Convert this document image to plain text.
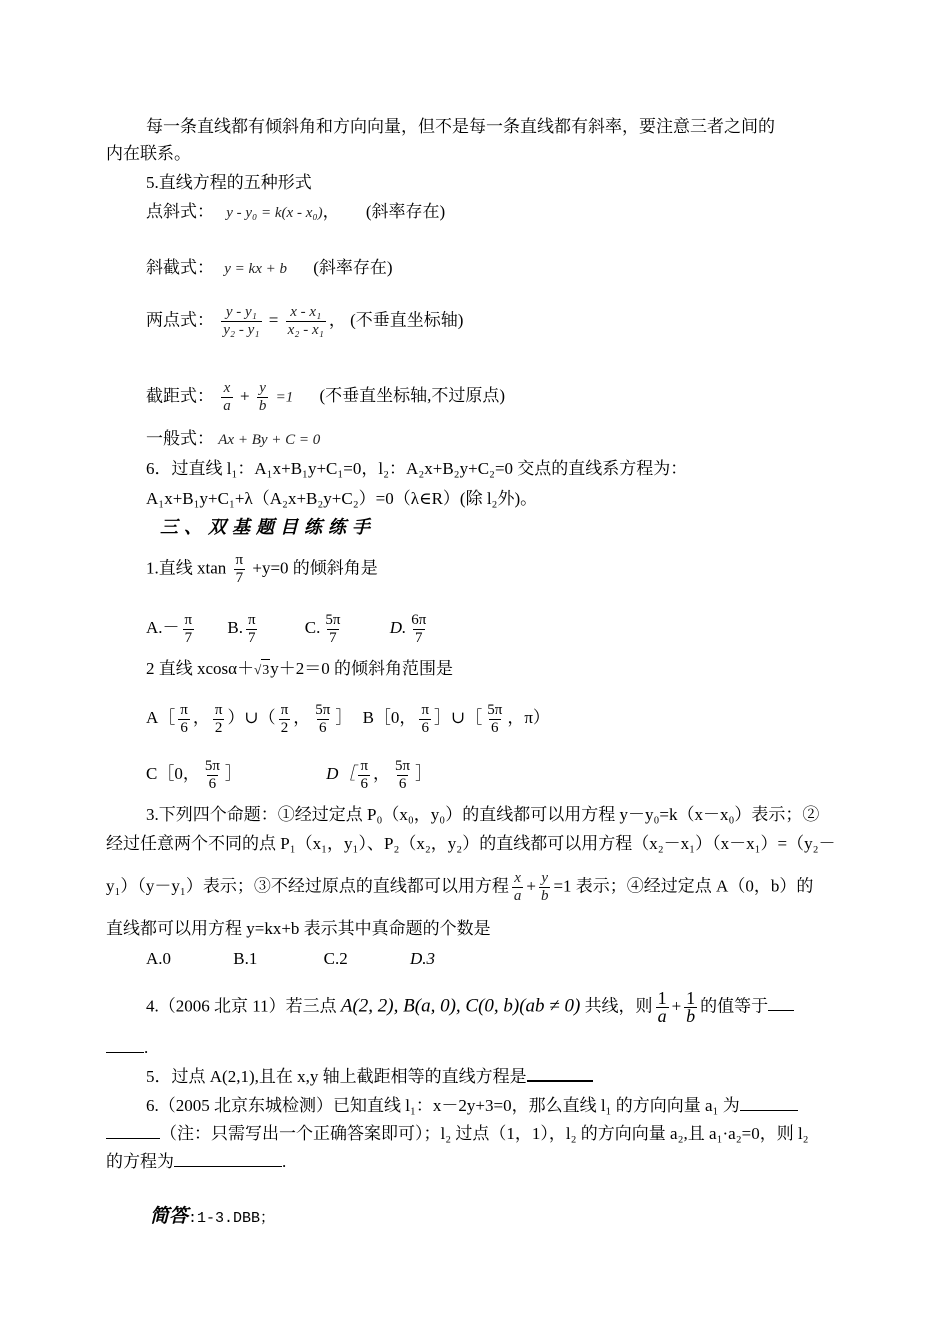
每一条直线都有倾斜角和方向向量，但不是每一条直线都有斜率，要注意三者之间的
内在联系。
5.直线方程的五种形式
点斜式： y - y₀ = k(x - x₀)， (斜率存在)
斜截式： y = kx + b (斜率存在)
两点式： $\frac{\text{y - y₁}}{\text{y₂ - y₁}} = \frac{\text{x - x₁}}{\text{x₂ - x₁}}$ ， (不垂直坐标轴)
截距式： $\frac{x}{a} + \frac{y}{b} =1$ (不垂直坐标轴,不过原点)
一般式： Ax + By + C = 0
6．过直线 l₁：A₁x+B₁y+C₁=0，l₂：A₂x+B₂y+C₂=0 交点的直线系方程为：
A₁x+B₁y+C₁+λ（A₂x+B₂y+C₂）=0（λ∈R）(除 l₂外)。
三、双基题目练练手
1.直线 xtan $\frac{\pi}{7} +y=0$ 的倾斜角是
$A.- \frac{\pi}{7} B$. $\frac{\pi}{7}$	C. $\frac{5\pi}{7}$	D. $\frac{6\pi}{7}$
2 直线 xcosα＋√3y＋2＝0 的倾斜角范围是
A［ $\frac{\pi}{6}$ ， $\frac{\pi}{2}$ ）∪（ $\frac{\pi}{2}$ ， $\frac{5\pi}{6}$ ］ B［0， $\frac{\pi}{6}$ ］∪［ $\frac{5\pi}{6}$ ，π）
C［0， $\frac{5\pi}{6}$ ］	D［ $\frac{\pi}{6}$ ， $\frac{5\pi}{6}$ ］
3.下列四个命题：①经过定点 P₀（x₀，y₀）的直线都可以用方程 y－y₀=k（x－x₀）表示；②
经过任意两个不同的点 P₁（x₁，y₁）、P₂（x₂，y₂）的直线都可以用方程（x₂－x₁）（x－x₁）=（y₂－
y₁）（y－y₁）表示；③不经过原点的直线都可以用方程 $\frac{x}{a} + \frac{y}{b} =1$ 表示；④经过定点 A（0，b）的
直线都可以用方程 y=kx+b 表示其中真命题的个数是
A.0	B.1	C.2	D.3
4.（2006 北京 11）若三点 A(2, 2), B(a, 0), C(0, b)(ab ≠ 0) 共线，则 $\frac{1}{a} + \frac{1}{b}$ 的值等于
.
5．过点 A(2,1),且在 x,y 轴上截距相等的直线方程是
6.（2005 北京东城检测）已知直线 l₁：x－2y+3=0，那么直线 l₁ 的方向向量 a₁ 为
（注：只需写出一个正确答案即可）；l₂ 过点（1，1），l₂ 的方向向量 a₂,且 a₁·a₂=0，则 l₂
的方程为	.
简答:1-3.DBB；
